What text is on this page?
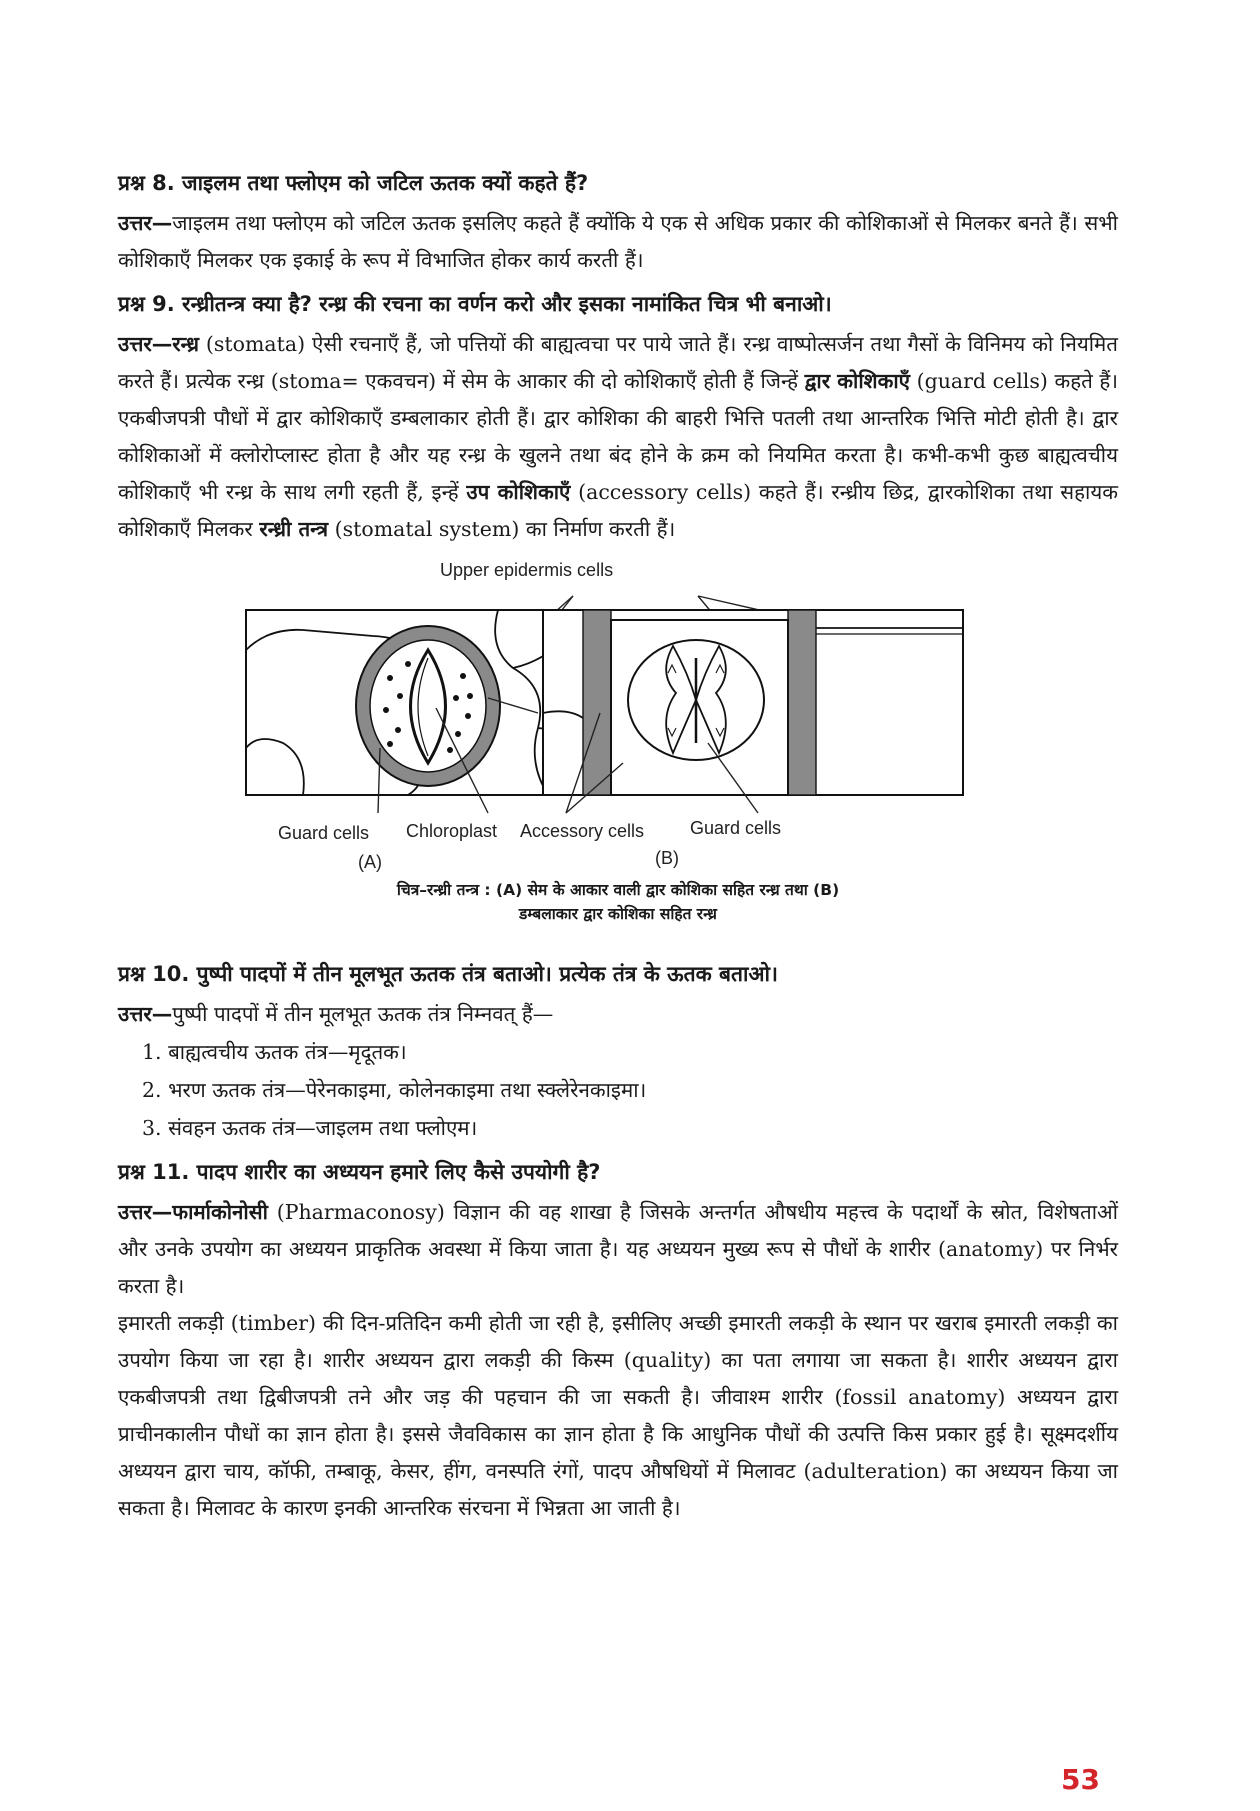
प्रश्न 8. जाइलम तथा फ्लोएम को जटिल ऊतक क्यों कहते हैं?

उत्तर—जाइलम तथा फ्लोएम को जटिल ऊतक इसलिए कहते हैं क्योंकि ये एक से अधिक प्रकार की कोशिकाओं से मिलकर बनते हैं। सभी कोशिकाएँ मिलकर एक इकाई के रूप में विभाजित होकर कार्य करती हैं।

प्रश्न 9. रन्ध्रीतन्त्र क्या है? रन्ध्र की रचना का वर्णन करो और इसका नामांकित चित्र भी बनाओ।

उत्तर—रन्ध्र (stomata) ऐसी रचनाएँ हैं, जो पत्तियों की बाह्यत्वचा पर पाये जाते हैं। रन्ध्र वाष्पोत्सर्जन तथा गैसों के विनिमय को नियमित करते हैं। प्रत्येक रन्ध्र (stoma= एकवचन) में सेम के आकार की दो कोशिकाएँ होती हैं जिन्हें द्वार कोशिकाएँ (guard cells) कहते हैं। एकबीजपत्री पौधों में द्वार कोशिकाएँ डम्बलाकार होती हैं। द्वार कोशिका की बाहरी भित्ति पतली तथा आन्तरिक भित्ति मोटी होती है। द्वार कोशिकाओं में क्लोरोप्लास्ट होता है और यह रन्ध्र के खुलने तथा बंद होने के क्रम को नियमित करता है। कभी-कभी कुछ बाह्यत्वचीय कोशिकाएँ भी रन्ध्र के साथ लगी रहती हैं, इन्हें उप कोशिकाएँ (accessory cells) कहते हैं। रन्ध्रीय छिद्र, द्वारकोशिका तथा सहायक कोशिकाएँ मिलकर रन्ध्री तन्त्र (stomatal system) का निर्माण करती हैं।

Upper epidermis cells
Guard cells Chloroplast Accessory cells	Guard cells
(A)	(B)
चित्र–रन्ध्री तन्त्र : (A) सेम के आकार वाली द्वार कोशिका सहित रन्ध्र तथा (B)
डम्बलाकार द्वार कोशिका सहित रन्ध्र

प्रश्न 10. पुष्पी पादपों में तीन मूलभूत ऊतक तंत्र बताओ। प्रत्येक तंत्र के ऊतक बताओ।

उत्तर—पुष्पी पादपों में तीन मूलभूत ऊतक तंत्र निम्नवत् हैं—

1. बाह्यत्वचीय ऊतक तंत्र—मृदूतक।
2. भरण ऊतक तंत्र—पेरेनकाइमा, कोलेनकाइमा तथा स्क्लेरेनकाइमा।
3. संवहन ऊतक तंत्र—जाइलम तथा फ्लोएम।

प्रश्न 11. पादप शारीर का अध्ययन हमारे लिए कैसे उपयोगी है?

उत्तर—फार्माकोनोसी (Pharmaconosy) विज्ञान की वह शाखा है जिसके अन्तर्गत औषधीय महत्त्व के पदार्थों के स्रोत, विशेषताओं और उनके उपयोग का अध्ययन प्राकृतिक अवस्था में किया जाता है। यह अध्ययन मुख्य रूप से पौधों के शारीर (anatomy) पर निर्भर करता है।

इमारती लकड़ी (timber) की दिन-प्रतिदिन कमी होती जा रही है, इसीलिए अच्छी इमारती लकड़ी के स्थान पर खराब इमारती लकड़ी का उपयोग किया जा रहा है। शारीर अध्ययन द्वारा लकड़ी की किस्म (quality) का पता लगाया जा सकता है। शारीर अध्ययन द्वारा एकबीजपत्री तथा द्विबीजपत्री तने और जड़ की पहचान की जा सकती है। जीवाश्म शारीर (fossil anatomy) अध्ययन द्वारा प्राचीनकालीन पौधों का ज्ञान होता है। इससे जैवविकास का ज्ञान होता है कि आधुनिक पौधों की उत्पत्ति किस प्रकार हुई है। सूक्ष्मदर्शीय अध्ययन द्वारा चाय, कॉफी, तम्बाकू, केसर, हींग, वनस्पति रंगों, पादप औषधियों में मिलावट (adulteration) का अध्ययन किया जा सकता है। मिलावट के कारण इनकी आन्तरिक संरचना में भिन्नता आ जाती है।

53
